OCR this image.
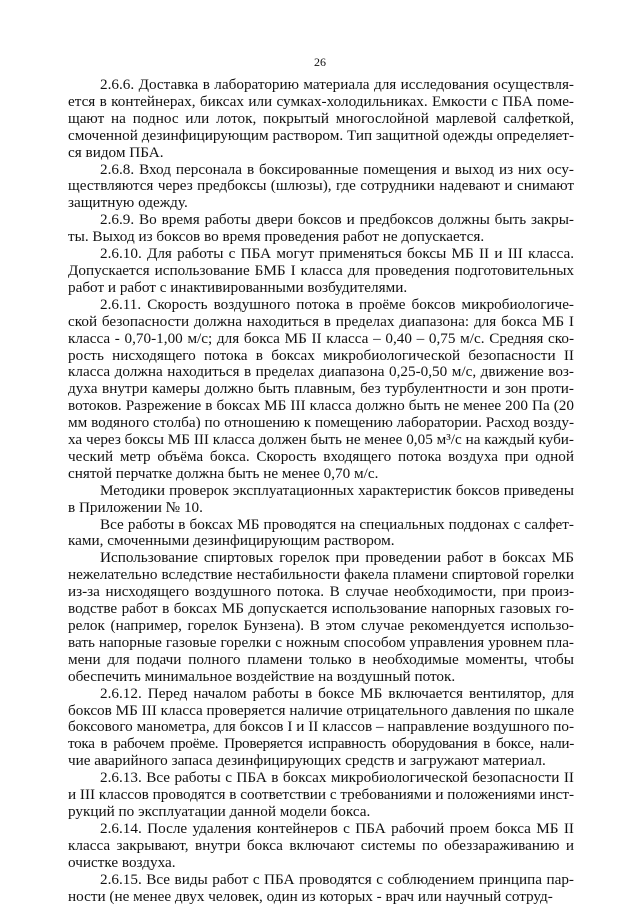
26

2.6.6. Доставка в лабораторию материала для исследования осуществля-
ется в контейнерах, биксах или сумках-холодильниках. Емкости с ПБА поме-
щают на поднос или лоток, покрытый многослойной марлевой салфеткой,
смоченной дезинфицирующим раствором. Тип защитной одежды определяет-
ся видом ПБА.

2.6.8. Вход персонала в боксированные помещения и выход из них осу-
ществляются через предбоксы (шлюзы), где сотрудники надевают и снимают
защитную одежду.

2.6.9. Во время работы двери боксов и предбоксов должны быть закры-
ты. Выход из боксов во время проведения работ не допускается.

2.6.10. Для работы с ПБА могут применяться боксы МБ II и III класса.
Допускается использование БМБ I класса для проведения подготовительных
работ и работ с инактивированными возбудителями.

2.6.11. Скорость воздушного потока в проёме боксов микробиологиче-
ской безопасности должна находиться в пределах диапазона: для бокса МБ I
класса - 0,70-1,00 м/с; для бокса МБ II класса – 0,40 – 0,75 м/с. Средняя ско-
рость нисходящего потока в боксах микробиологической безопасности II
класса должна находиться в пределах диапазона 0,25-0,50 м/с, движение воз-
духа внутри камеры должно быть плавным, без турбулентности и зон проти-
вотоков. Разрежение в боксах МБ III класса должно быть не менее 200 Па (20
мм водяного столба) по отношению к помещению лаборатории. Расход возду-
ха через боксы МБ III класса должен быть не менее 0,05 м³/с на каждый куби-
ческий метр объёма бокса. Скорость входящего потока воздуха при одной
снятой перчатке должна быть не менее 0,70 м/с.

Методики проверок эксплуатационных характеристик боксов приведены
в Приложении № 10.

Все работы в боксах МБ проводятся на специальных поддонах с салфет-
ками, смоченными дезинфицирующим раствором.

Использование спиртовых горелок при проведении работ в боксах МБ
нежелательно вследствие нестабильности факела пламени спиртовой горелки
из-за нисходящего воздушного потока. В случае необходимости, при произ-
водстве работ в боксах МБ допускается использование напорных газовых го-
релок (например, горелок Бунзена). В этом случае рекомендуется использо-
вать напорные газовые горелки с ножным способом управления уровнем пла-
мени для подачи полного пламени только в необходимые моменты, чтобы
обеспечить минимальное воздействие на воздушный поток.

2.6.12. Перед началом работы в боксе МБ включается вентилятор, для
боксов МБ III класса проверяется наличие отрицательного давления по шкале
боксового манометра, для боксов I и II классов – направление воздушного по-
тока в рабочем проёме. Проверяется исправность оборудования в боксе, нали-
чие аварийного запаса дезинфицирующих средств и загружают материал.

2.6.13. Все работы с ПБА в боксах микробиологической безопасности II
и III классов проводятся в соответствии с требованиями и положениями инст-
рукций по эксплуатации данной модели бокса.

2.6.14. После удаления контейнеров с ПБА рабочий проем бокса МБ II
класса закрывают, внутри бокса включают системы по обеззараживанию и
очистке воздуха.

2.6.15. Все виды работ с ПБА проводятся с соблюдением принципа пар-
ности (не менее двух человек, один из которых - врач или научный сотруд-
